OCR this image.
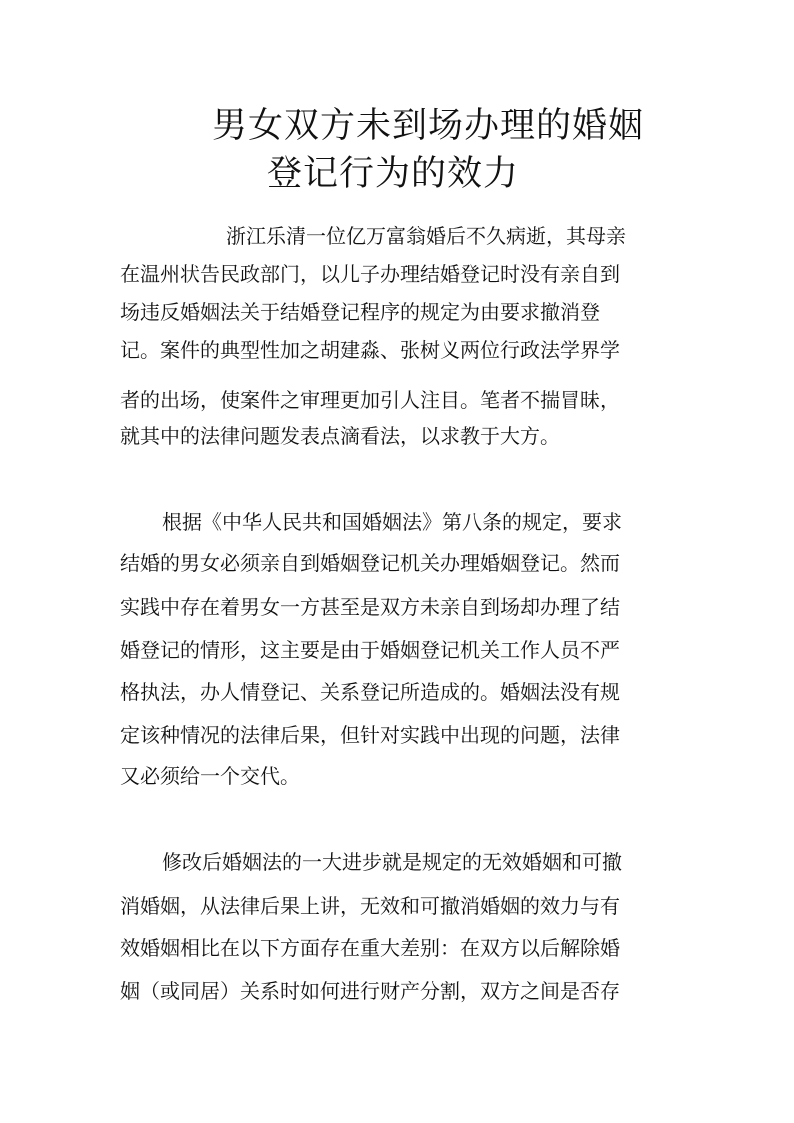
男女双方未到场办理的婚姻
登记行为的效力
浙江乐清一位亿万富翁婚后不久病逝，其母亲
在温州状告民政部门，以儿子办理结婚登记时没有亲自到
场违反婚姻法关于结婚登记程序的规定为由要求撤消登
记。案件的典型性加之胡建淼、张树义两位行政法学界学
者的出场，使案件之审理更加引人注目。笔者不揣冒昧，
就其中的法律问题发表点滴看法，以求教于大方。
根据《中华人民共和国婚姻法》第八条的规定，要求
结婚的男女必须亲自到婚姻登记机关办理婚姻登记。然而
实践中存在着男女一方甚至是双方未亲自到场却办理了结
婚登记的情形，这主要是由于婚姻登记机关工作人员不严
格执法，办人情登记、关系登记所造成的。婚姻法没有规
定该种情况的法律后果，但针对实践中出现的问题，法律
又必须给一个交代。
修改后婚姻法的一大进步就是规定的无效婚姻和可撤
消婚姻，从法律后果上讲，无效和可撤消婚姻的效力与有
效婚姻相比在以下方面存在重大差别：在双方以后解除婚
姻（或同居）关系时如何进行财产分割，双方之间是否存
